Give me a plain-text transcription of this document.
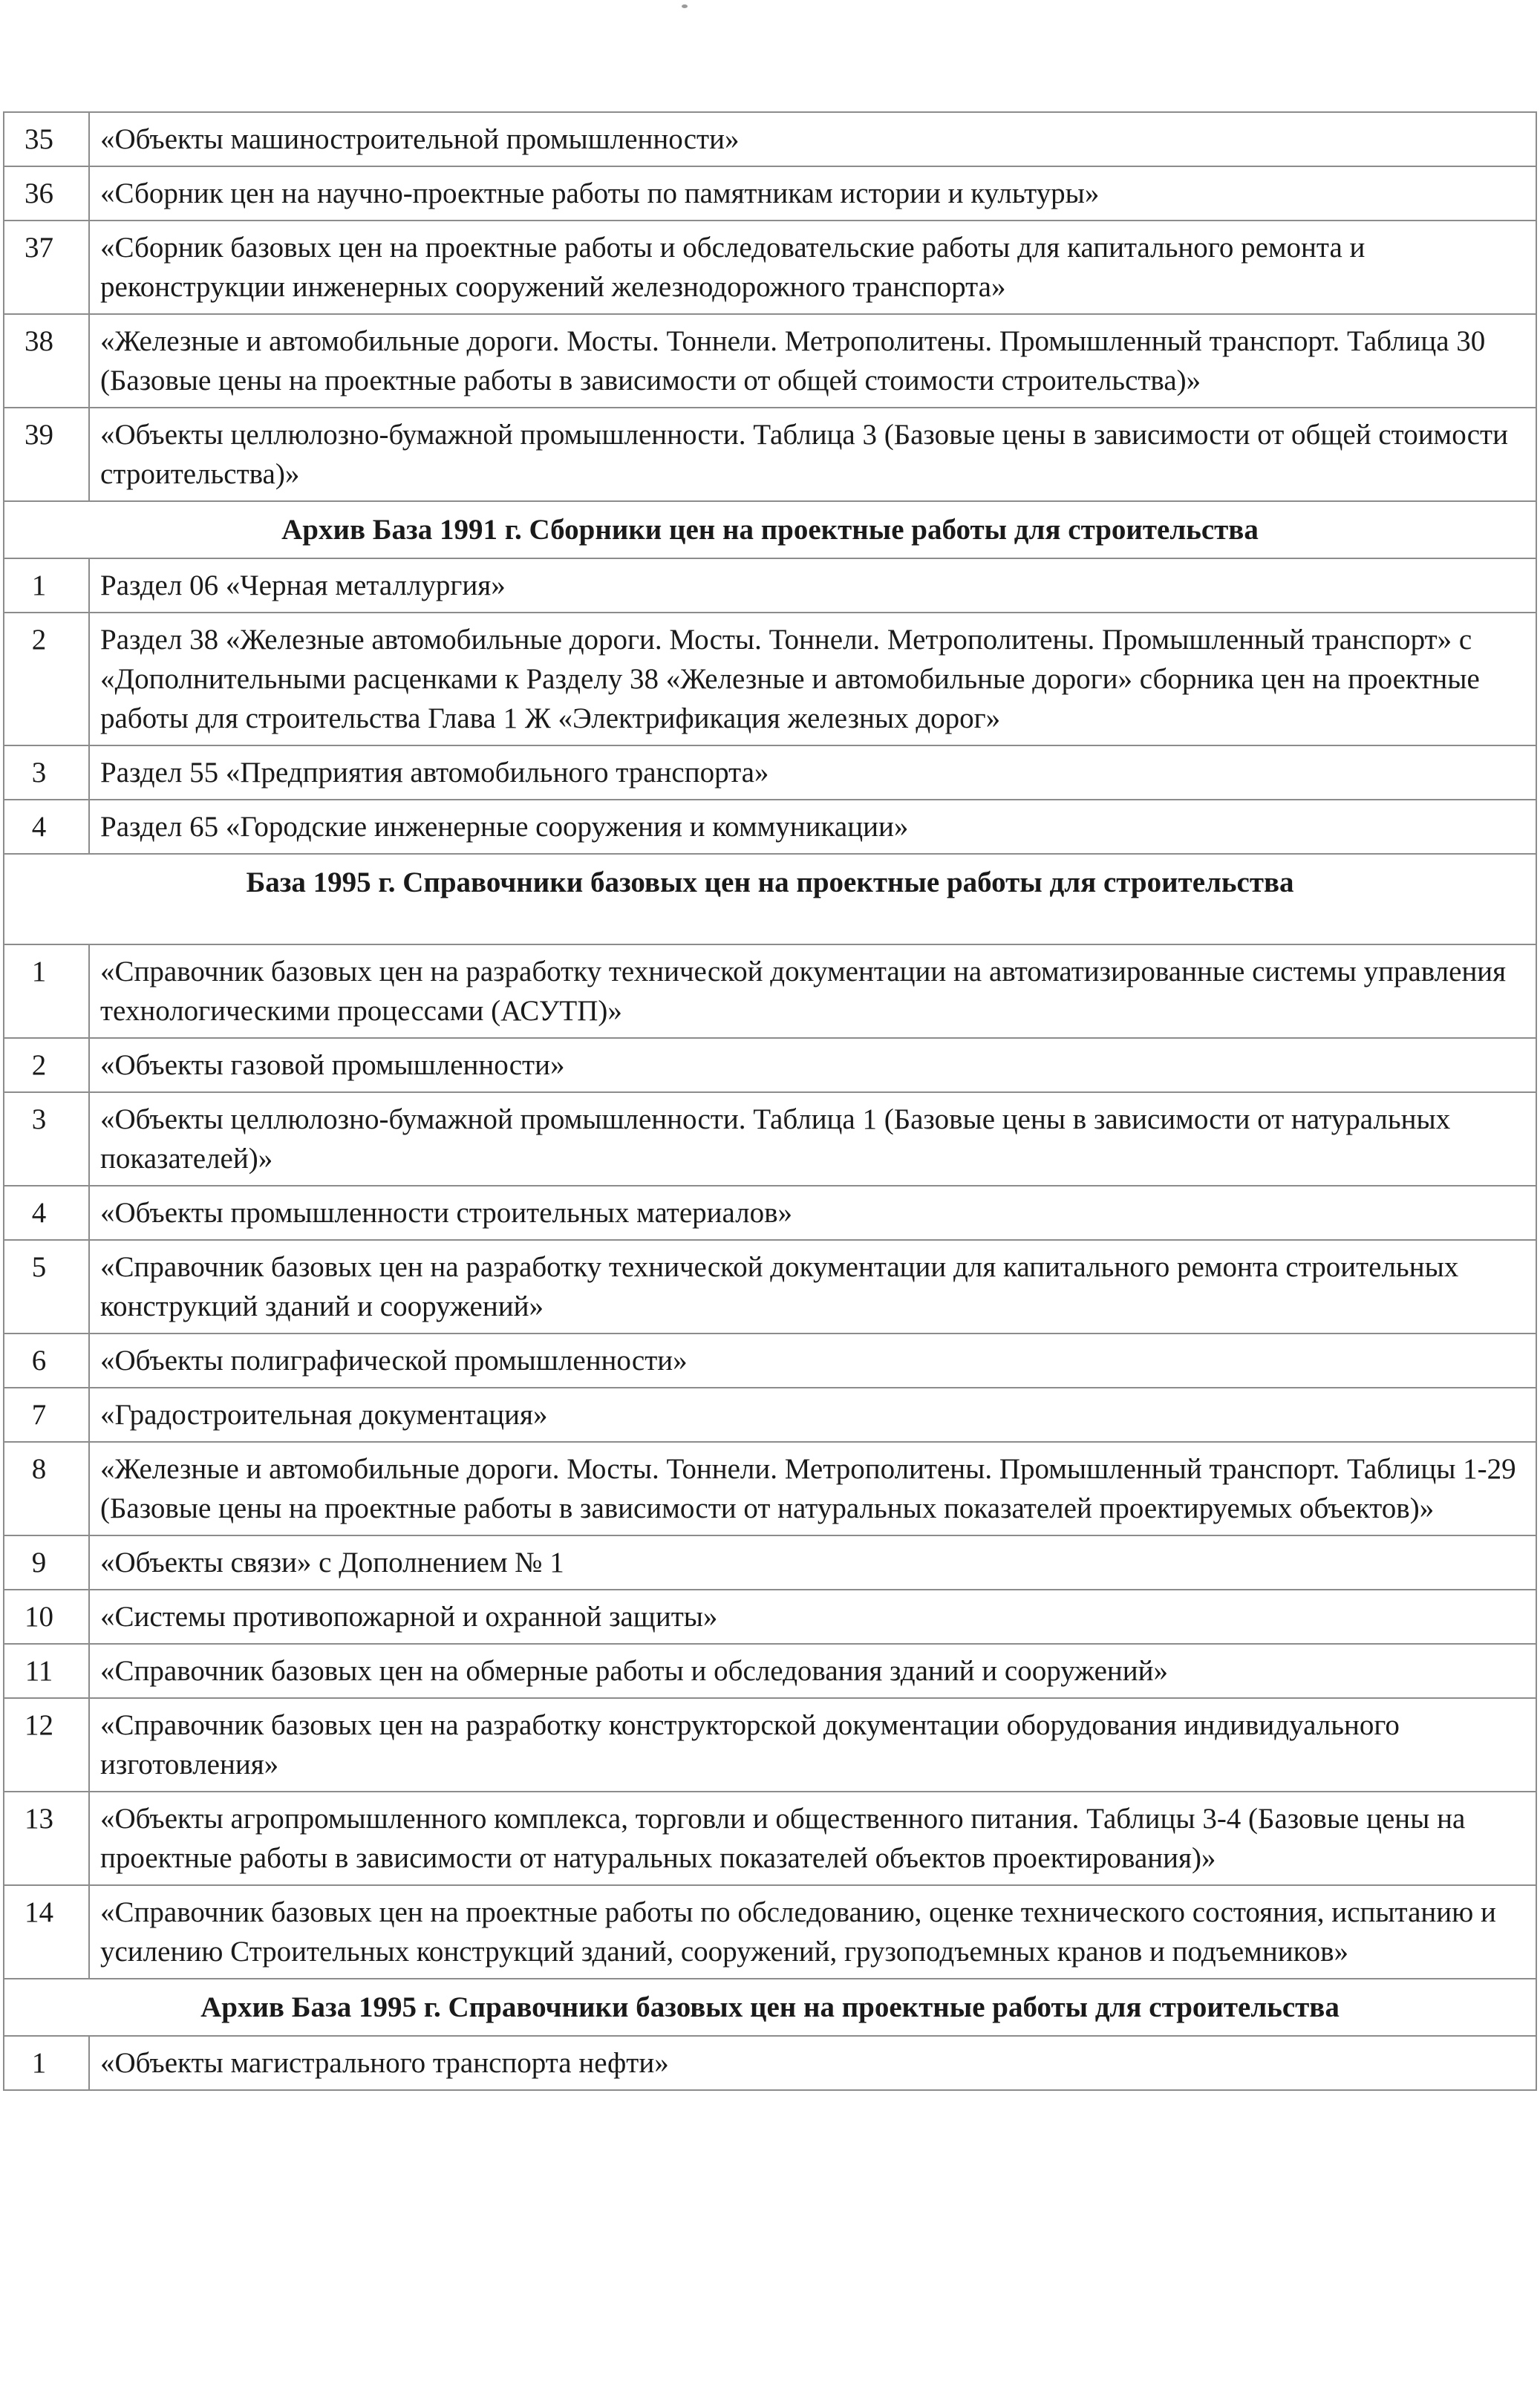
35	«Объекты машиностроительной промышленности»
36	«Сборник цен на научно-проектные работы по памятникам истории и культуры»
37	«Сборник базовых цен на проектные работы и обследовательские работы для капитального ремонта и реконструкции инженерных сооружений железнодорожного транспорта»
38	«Железные и автомобильные дороги. Мосты. Тоннели. Метрополитены. Промышленный транспорт. Таблица 30 (Базовые цены на проектные работы в зависимости от общей стоимости строительства)»
39	«Объекты целлюлозно-бумажной промышленности. Таблица 3 (Базовые цены в зависимости от общей стоимости строительства)»
Архив База 1991 г. Сборники цен на проектные работы для строительства	
1	Раздел 06 «Черная металлургия»
2	Раздел 38 «Железные автомобильные дороги. Мосты. Тоннели. Метрополитены. Промышленный транспорт» с «Дополнительными расценками к Разделу 38 «Железные и автомобильные дороги» сборника цен на проектные работы для строительства Глава 1 Ж «Электрификация железных дорог»
3	Раздел 55 «Предприятия автомобильного транспорта»
4	Раздел 65 «Городские инженерные сооружения и коммуникации»
База 1995 г. Справочники базовых цен на проектные работы для строительства	
1	«Справочник базовых цен на разработку технической документации на автоматизированные системы управления технологическими процессами (АСУТП)»
2	«Объекты газовой промышленности»
3	«Объекты целлюлозно-бумажной промышленности. Таблица 1 (Базовые цены в зависимости от натуральных показателей)»
4	«Объекты промышленности строительных материалов»
5	«Справочник базовых цен на разработку технической документации для капитального ремонта строительных конструкций зданий и сооружений»
6	«Объекты полиграфической промышленности»
7	«Градостроительная документация»
8	«Железные и автомобильные дороги. Мосты. Тоннели. Метрополитены. Промышленный транспорт. Таблицы 1-29 (Базовые цены на проектные работы в зависимости от натуральных показателей проектируемых объектов)»
9	«Объекты связи» с Дополнением № 1
10	«Системы противопожарной и охранной защиты»
11	«Справочник базовых цен на обмерные работы и обследования зданий и сооружений»
12	«Справочник базовых цен на разработку конструкторской документации оборудования индивидуального изготовления»
13	«Объекты агропромышленного комплекса, торговли и общественного питания. Таблицы 3-4 (Базовые цены на проектные работы в зависимости от натуральных показателей объектов проектирования)»
14	«Справочник базовых цен на проектные работы по обследованию, оценке технического состояния, испытанию и усилению Строительных конструкций зданий, сооружений, грузоподъемных кранов и подъемников»
Архив База 1995 г. Справочники базовых цен на проектные работы для строительства	
1	«Объекты магистрального транспорта нефти»
